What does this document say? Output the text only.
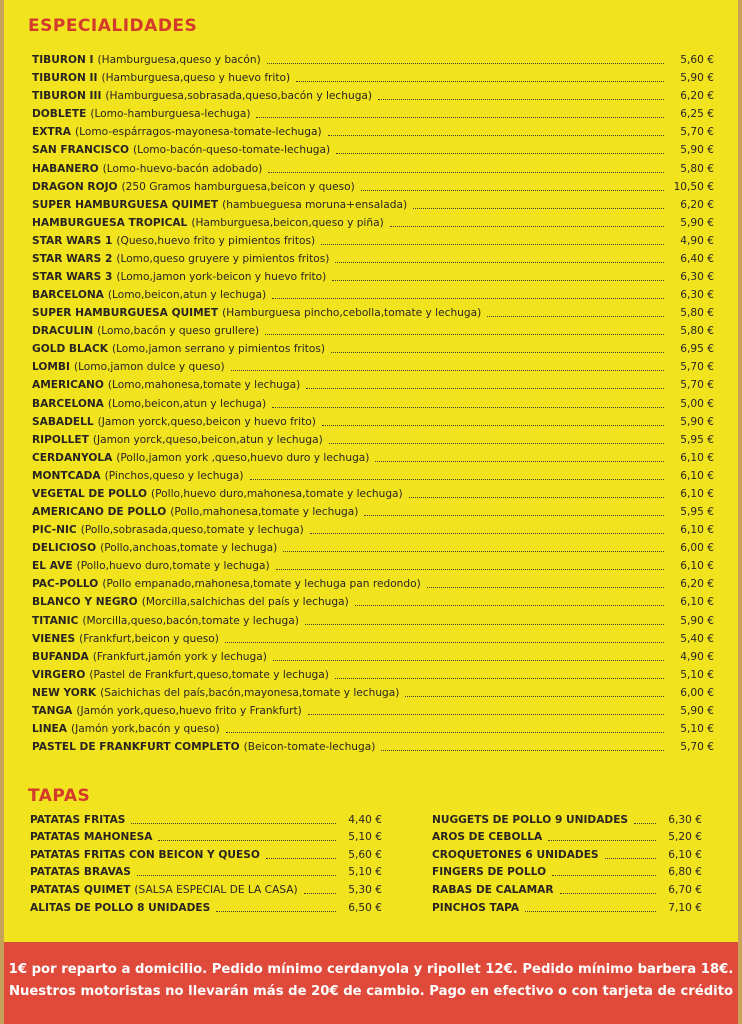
ESPECIALIDADES
TIBURON I (Hamburguesa,queso y bacón)	5,60 €
TIBURON II (Hamburguesa,queso y huevo frito)	5,90 €
TIBURON III (Hamburguesa,sobrasada,queso,bacón y lechuga)	6,20 €
DOBLETE (Lomo-hamburguesa-lechuga)	6,25 €
EXTRA (Lomo-espárragos-mayonesa-tomate-lechuga)	5,70 €
SAN FRANCISCO (Lomo-bacón-queso-tomate-lechuga)	5,90 €
HABANERO (Lomo-huevo-bacón adobado)	5,80 €
DRAGON ROJO (250 Gramos hamburguesa,beicon y queso)	10,50 €
SUPER HAMBURGUESA QUIMET (hambueguesa moruna+ensalada)	6,20 €
HAMBURGUESA TROPICAL (Hamburguesa,beicon,queso y piña)	5,90 €
STAR WARS 1 (Queso,huevo frito y pimientos fritos)	4,90 €
STAR WARS 2 (Lomo,queso gruyere y pimientos fritos)	6,40 €
STAR WARS 3 (Lomo,jamon york-beicon y huevo frito)	6,30 €
BARCELONA (Lomo,beicon,atun y lechuga)	6,30 €
SUPER HAMBURGUESA QUIMET (Hamburguesa pincho,cebolla,tomate y lechuga)	5,80 €
DRACULIN (Lomo,bacón y queso grullere)	5,80 €
GOLD BLACK (Lomo,jamon serrano y pimientos fritos)	6,95 €
LOMBI (Lomo,jamon dulce y queso)	5,70 €
AMERICANO (Lomo,mahonesa,tomate y lechuga)	5,70 €
BARCELONA (Lomo,beicon,atun y lechuga)	5,00 €
SABADELL (Jamon yorck,queso,beicon y huevo frito)	5,90 €
RIPOLLET (Jamon yorck,queso,beicon,atun y lechuga)	5,95 €
CERDANYOLA (Pollo,jamon york ,queso,huevo duro y lechuga)	6,10 €
MONTCADA (Pinchos,queso y lechuga)	6,10 €
VEGETAL DE POLLO (Pollo,huevo duro,mahonesa,tomate y lechuga)	6,10 €
AMERICANO DE POLLO (Pollo,mahonesa,tomate y lechuga)	5,95 €
PIC-NIC (Pollo,sobrasada,queso,tomate y lechuga)	6,10 €
DELICIOSO (Pollo,anchoas,tomate y lechuga)	6,00 €
EL AVE (Pollo,huevo duro,tomate y lechuga)	6,10 €
PAC-POLLO (Pollo empanado,mahonesa,tomate y lechuga pan redondo)	6,20 €
BLANCO Y NEGRO (Morcilla,salchichas del país y lechuga)	6,10 €
TITANIC (Morcilla,queso,bacón,tomate y lechuga)	5,90 €
VIENES (Frankfurt,beicon y queso)	5,40 €
BUFANDA (Frankfurt,jamón york y lechuga)	4,90 €
VIRGERO (Pastel de Frankfurt,queso,tomate y lechuga)	5,10 €
NEW YORK (Saichichas del país,bacón,mayonesa,tomate y lechuga)	6,00 €
TANGA (Jamón york,queso,huevo frito y Frankfurt)	5,90 €
LINEA (Jamón york,bacón y queso)	5,10 €
PASTEL DE FRANKFURT COMPLETO (Beicon-tomate-lechuga)	5,70 €
TAPAS
PATATAS FRITAS	4,40 €
PATATAS MAHONESA	5,10 €
PATATAS FRITAS CON BEICON Y QUESO	5,60 €
PATATAS BRAVAS	5,10 €
PATATAS QUIMET (SALSA ESPECIAL DE LA CASA)	5,30 €
ALITAS DE POLLO 8 UNIDADES	6,50 €
NUGGETS DE POLLO 9 UNIDADES	6,30 €
AROS DE CEBOLLA	5,20 €
CROQUETONES 6 UNIDADES	6,10 €
FINGERS DE POLLO	6,80 €
RABAS DE CALAMAR	6,70 €
PINCHOS TAPA	7,10 €
1€ por reparto a domicilio. Pedido mínimo cerdanyola y ripollet 12€. Pedido mínimo barbera 18€.
Nuestros motoristas no llevarán más de 20€ de cambio. Pago en efectivo o con tarjeta de crédito
